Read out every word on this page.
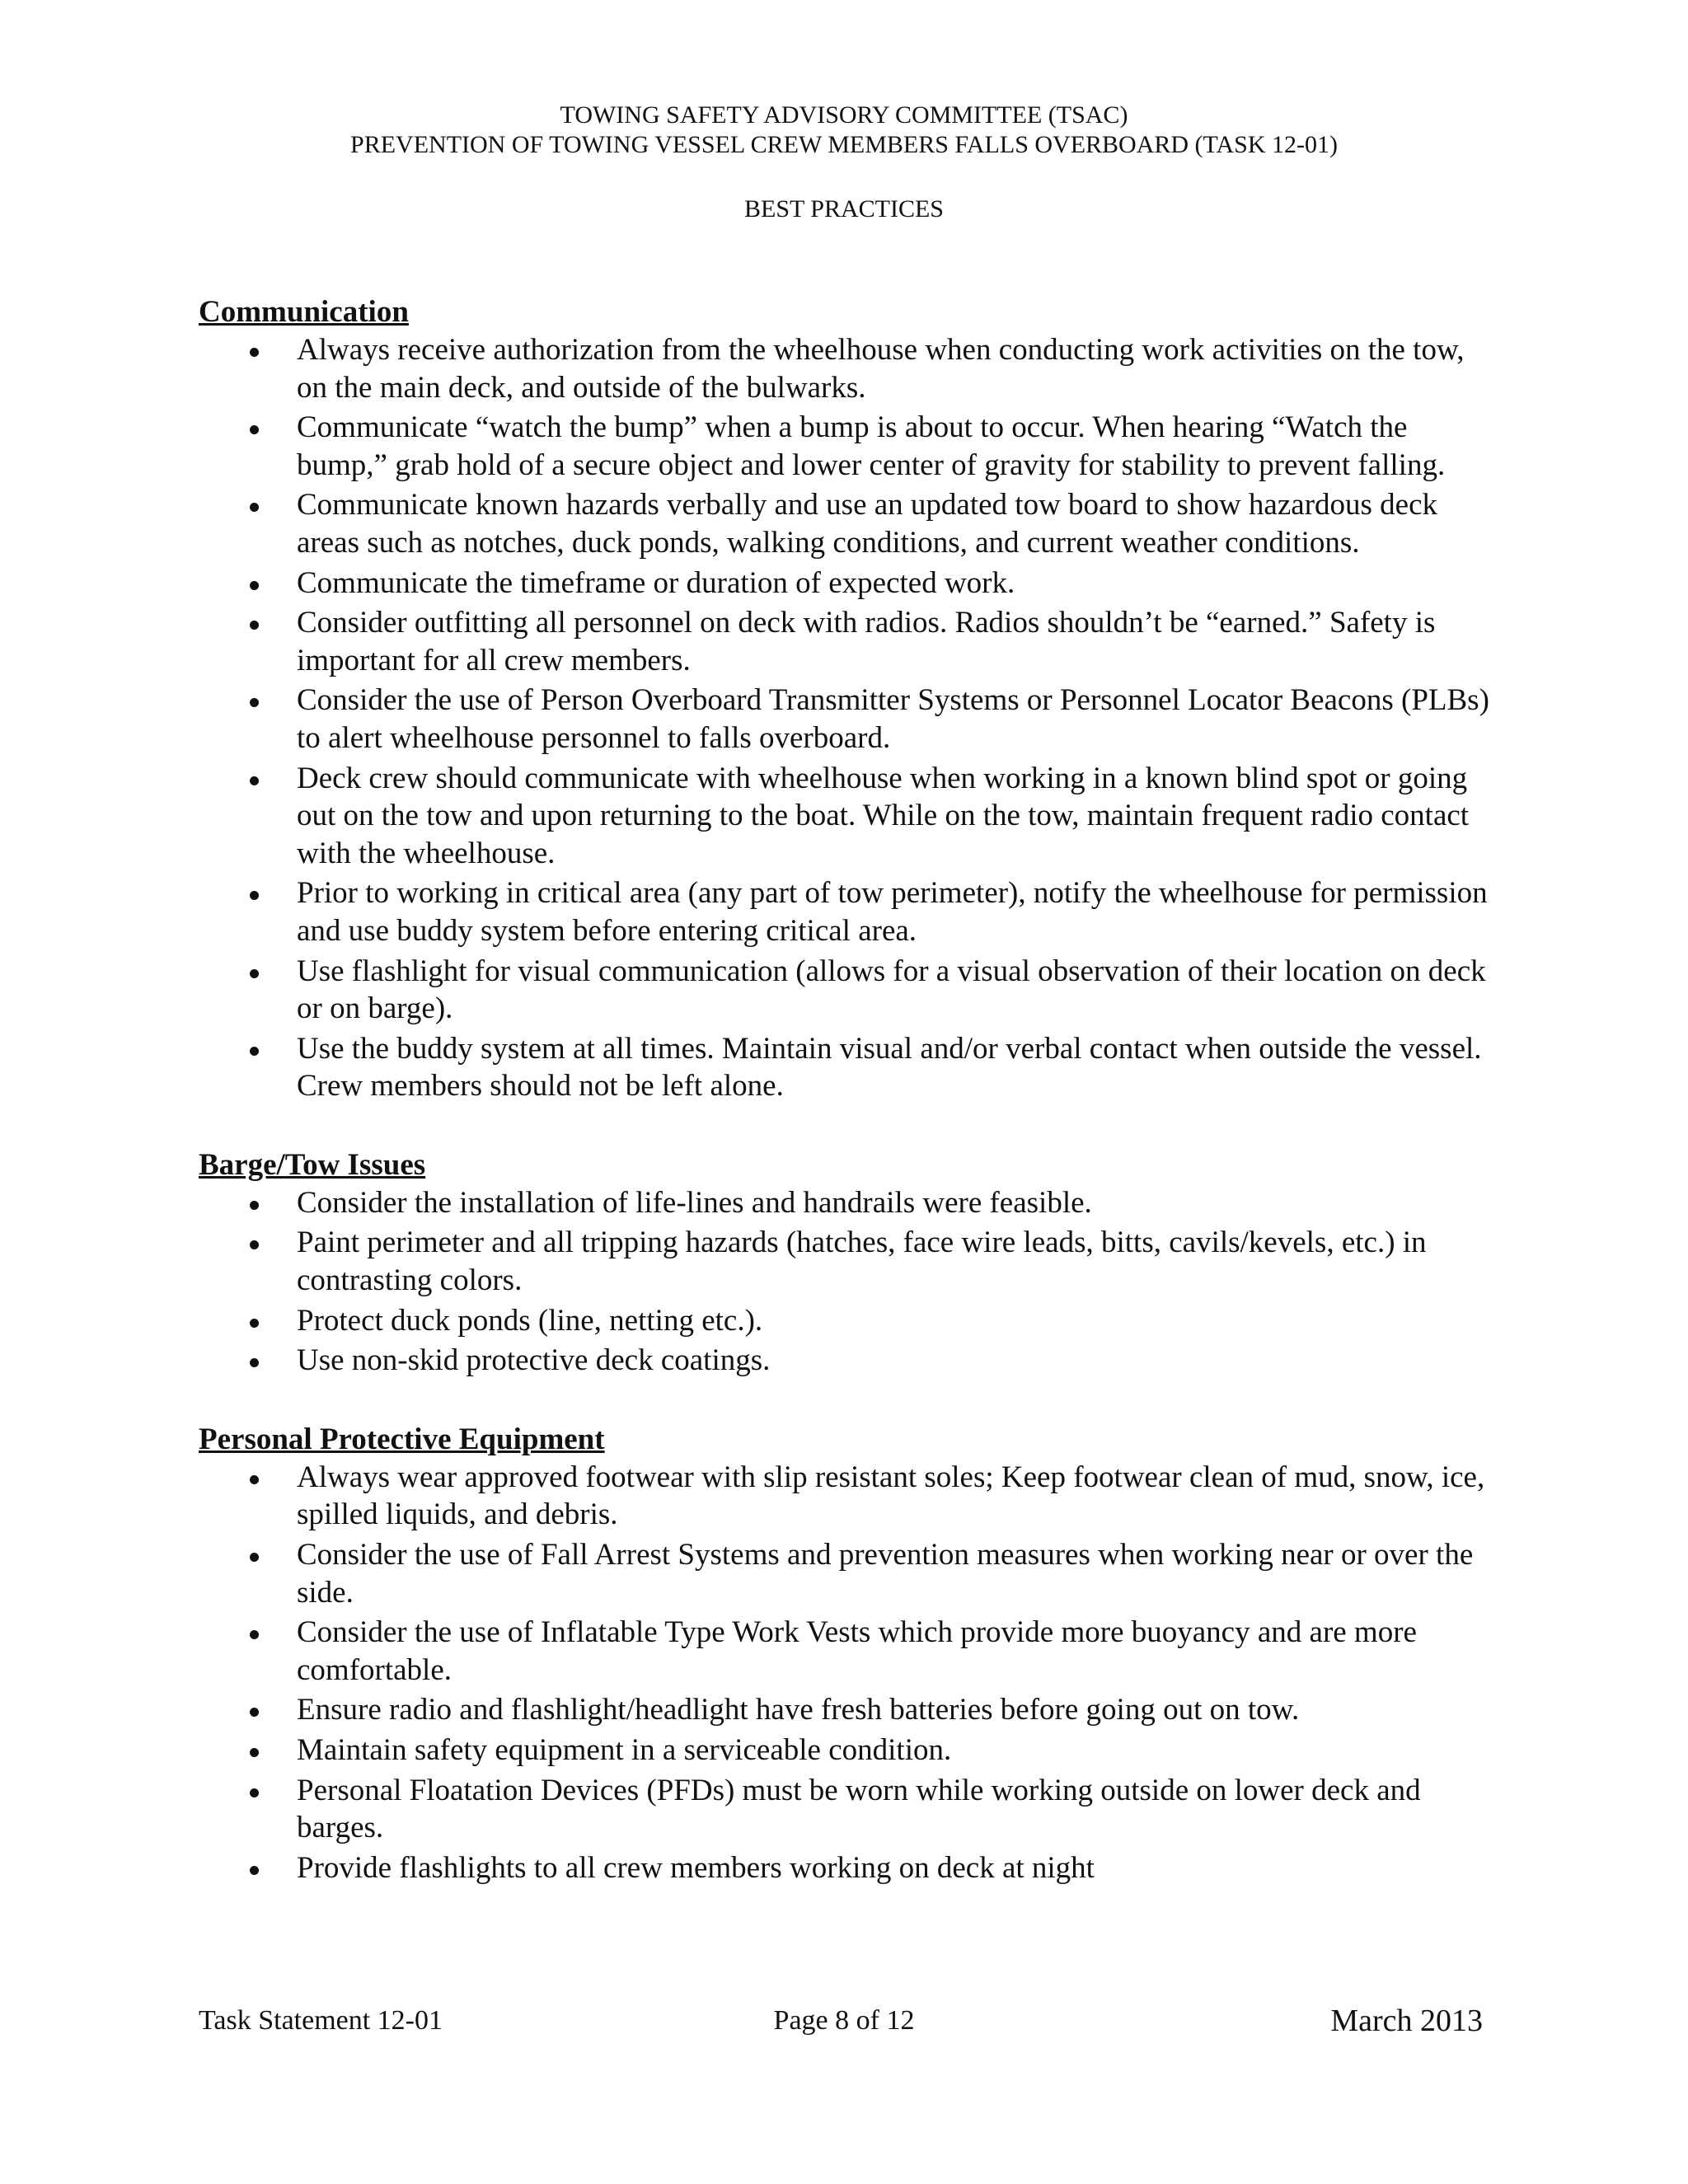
TOWING SAFETY ADVISORY COMMITTEE (TSAC)
PREVENTION OF TOWING VESSEL CREW MEMBERS FALLS OVERBOARD (TASK 12-01)
BEST PRACTICES
Communication
Always receive authorization from the wheelhouse when conducting work activities on the tow, on the main deck, and outside of the bulwarks.
Communicate “watch the bump” when a bump is about to occur. When hearing “Watch the bump,” grab hold of a secure object and lower center of gravity for stability to prevent falling.
Communicate known hazards verbally and use an updated tow board to show hazardous deck areas such as notches, duck ponds, walking conditions, and current weather conditions.
Communicate the timeframe or duration of expected work.
Consider outfitting all personnel on deck with radios. Radios shouldn’t be “earned.” Safety is important for all crew members.
Consider the use of Person Overboard Transmitter Systems or Personnel Locator Beacons (PLBs) to alert wheelhouse personnel to falls overboard.
Deck crew should communicate with wheelhouse when working in a known blind spot or going out on the tow and upon returning to the boat. While on the tow, maintain frequent radio contact with the wheelhouse.
Prior to working in critical area (any part of tow perimeter), notify the wheelhouse for permission and use buddy system before entering critical area.
Use flashlight for visual communication (allows for a visual observation of their location on deck or on barge).
Use the buddy system at all times. Maintain visual and/or verbal contact when outside the vessel. Crew members should not be left alone.
Barge/Tow Issues
Consider the installation of life-lines and handrails were feasible.
Paint perimeter and all tripping hazards (hatches, face wire leads, bitts, cavils/kevels, etc.) in contrasting colors.
Protect duck ponds (line, netting etc.).
Use non-skid protective deck coatings.
Personal Protective Equipment
Always wear approved footwear with slip resistant soles; Keep footwear clean of mud, snow, ice, spilled liquids, and debris.
Consider the use of Fall Arrest Systems and prevention measures when working near or over the side.
Consider the use of Inflatable Type Work Vests which provide more buoyancy and are more comfortable.
Ensure radio and flashlight/headlight have fresh batteries before going out on tow.
Maintain safety equipment in a serviceable condition.
Personal Floatation Devices (PFDs) must be worn while working outside on lower deck and barges.
Provide flashlights to all crew members working on deck at night
Task Statement 12-01	Page 8 of 12	March 2013
